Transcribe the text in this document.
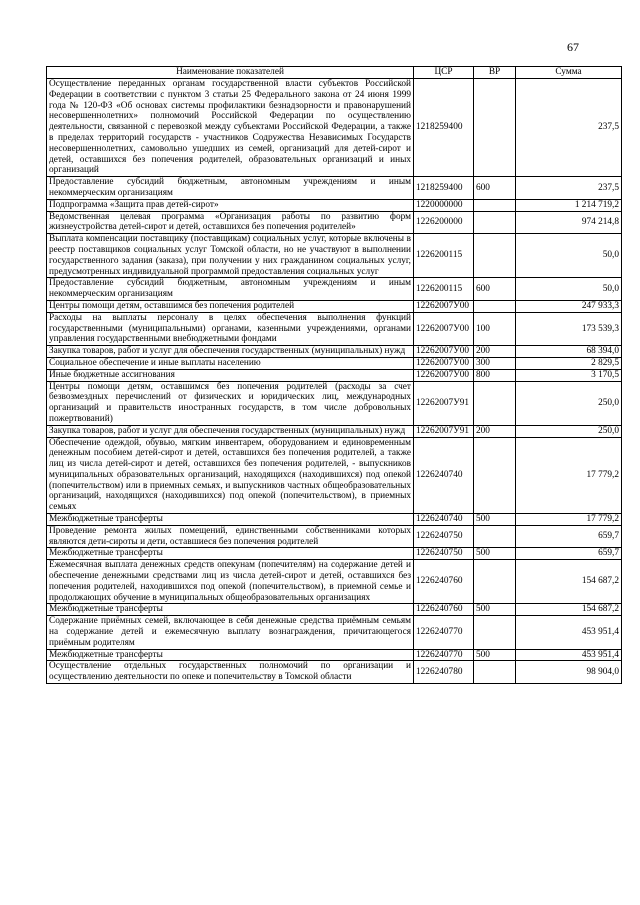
67
Наименование показателей	ЦСР	ВР	Сумма
Осуществление переданных органам государственной власти субъектов Российской Федерации в соответствии с пунктом 3 статьи 25 Федерального закона от 24 июня 1999 года № 120-ФЗ «Об основах системы профилактики безнадзорности и правонарушений несовершеннолетних» полномочий Российской Федерации по осуществлению деятельности, связанной с перевозкой между субъектами Российской Федерации, а также в пределах территорий государств - участников Содружества Независимых Государств несовершеннолетних, самовольно ушедших из семей, организаций для детей-сирот и детей, оставшихся без попечения родителей, образовательных организаций и иных организаций	1218259400		237,5
Предоставление субсидий бюджетным, автономным учреждениям и иным некоммерческим организациям	1218259400	600	237,5
Подпрограмма «Защита прав детей-сирот»	1220000000		1 214 719,2
Ведомственная целевая программа «Организация работы по развитию форм жизнеустройства детей-сирот и детей, оставшихся без попечения родителей»	1226200000		974 214,8
Выплата компенсации поставщику (поставщикам) социальных услуг, которые включены в реестр поставщиков социальных услуг Томской области, но не участвуют в выполнении государственного задания (заказа), при получении у них гражданином социальных услуг, предусмотренных индивидуальной программой предоставления социальных услуг	1226200115		50,0
Предоставление субсидий бюджетным, автономным учреждениям и иным некоммерческим организациям	1226200115	600	50,0
Центры помощи детям, оставшимся без попечения родителей	12262007У00		247 933,3
Расходы на выплаты персоналу в целях обеспечения выполнения функций государственными (муниципальными) органами, казенными учреждениями, органами управления государственными внебюджетными фондами	12262007У00	100	173 539,3
Закупка товаров, работ и услуг для обеспечения государственных (муниципальных) нужд	12262007У00	200	68 394,0
Социальное обеспечение и иные выплаты населению	12262007У00	300	2 829,5
Иные бюджетные ассигнования	12262007У00	800	3 170,5
Центры помощи детям, оставшимся без попечения родителей (расходы за счет безвозмездных перечислений от физических и юридических лиц, международных организаций и правительств иностранных государств, в том числе добровольных пожертвований)	12262007У91		250,0
Закупка товаров, работ и услуг для обеспечения государственных (муниципальных) нужд	12262007У91	200	250,0
Обеспечение одеждой, обувью, мягким инвентарем, оборудованием и единовременным денежным пособием детей-сирот и детей, оставшихся без попечения родителей, а также лиц из числа детей-сирот и детей, оставшихся без попечения родителей, - выпускников муниципальных образовательных организаций, находящихся (находившихся) под опекой (попечительством) или в приемных семьях, и выпускников частных общеобразовательных организаций, находящихся (находившихся) под опекой (попечительством), в приемных семьях	1226240740		17 779,2
Межбюджетные трансферты	1226240740	500	17 779,2
Проведение ремонта жилых помещений, единственными собственниками которых являются дети-сироты и дети, оставшиеся без попечения родителей	1226240750		659,7
Межбюджетные трансферты	1226240750	500	659,7
Ежемесячная выплата денежных средств опекунам (попечителям) на содержание детей и обеспечение денежными средствами лиц из числа детей-сирот и детей, оставшихся без попечения родителей, находившихся под опекой (попечительством), в приемной семье и продолжающих обучение в муниципальных общеобразовательных организациях	1226240760		154 687,2
Межбюджетные трансферты	1226240760	500	154 687,2
Содержание приёмных семей, включающее в себя денежные средства приёмным семьям на содержание детей и ежемесячную выплату вознаграждения, причитающегося приёмным родителям	1226240770		453 951,4
Межбюджетные трансферты	1226240770	500	453 951,4
Осуществление отдельных государственных полномочий по организации и осуществлению деятельности по опеке и попечительству в Томской области	1226240780		98 904,0
